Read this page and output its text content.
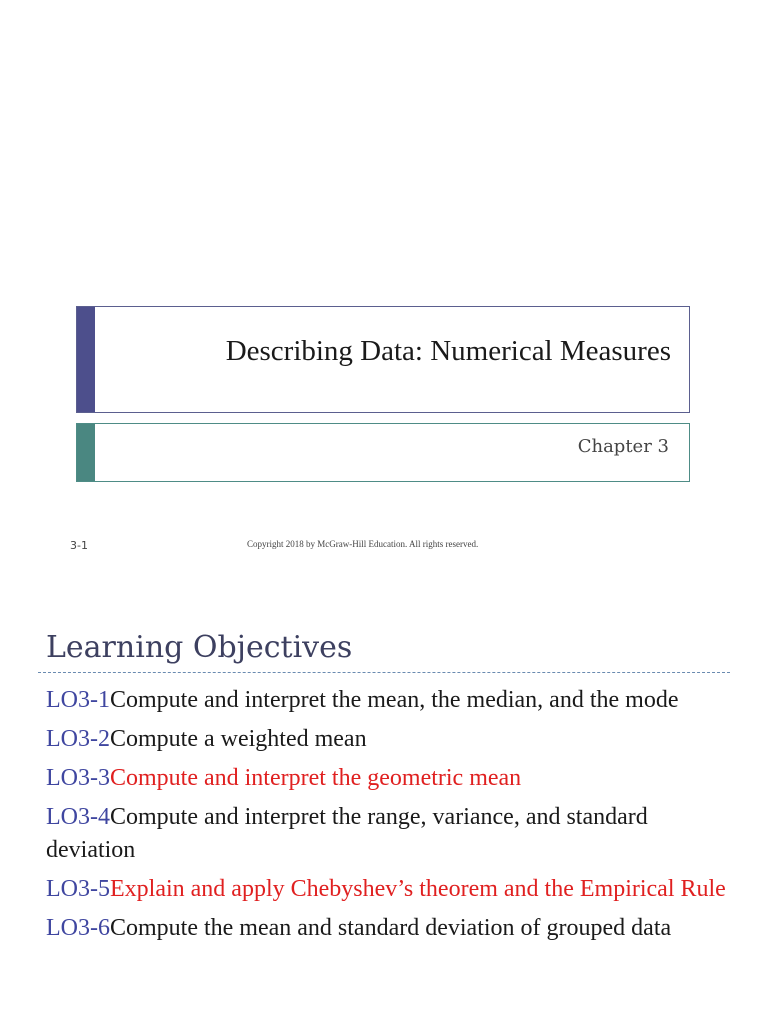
Describing Data: Numerical Measures
Chapter 3
3-1	Copyright 2018 by McGraw-Hill Education. All rights reserved.
Learning Objectives
LO3-1Compute and interpret the mean, the median, and the mode
LO3-2Compute a weighted mean
LO3-3Compute and interpret the geometric mean
LO3-4Compute and interpret the range, variance, and standard deviation
LO3-5Explain and apply Chebyshev’s theorem and the Empirical Rule
LO3-6Compute the mean and standard deviation of grouped data
